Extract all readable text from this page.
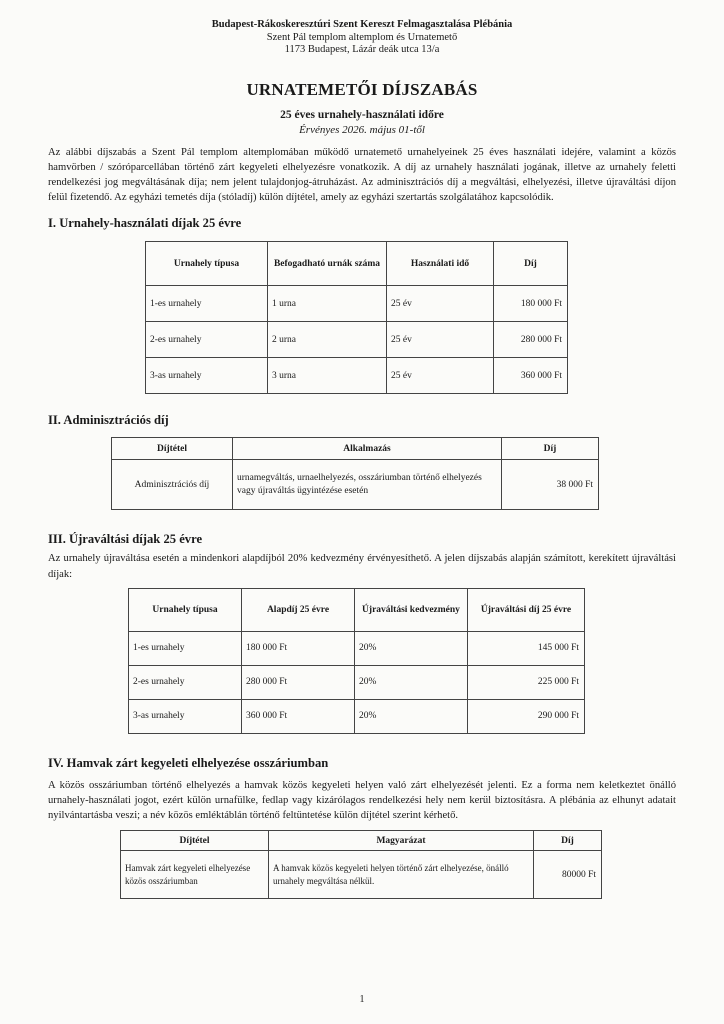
Budapest-Rákoskeresztúri Szent Kereszt Felmagasztalása Plébánia
Szent Pál templom altemplom és Urnatemető
1173 Budapest, Lázár deák utca 13/a
URNATEMETŐI DÍJSZABÁS
25 éves urnahely-használati időre
Érvényes 2026. május 01-től

Az alábbi díjszabás a Szent Pál templom altemplomában működő urnatemető urnahelyeinek 25 éves használati idejére, valamint a közös hamvörben / szóróparcellában történő zárt kegyeleti elhelyezésre vonatkozik. A díj az urnahely használati jogának, illetve az urnahely feletti rendelkezési jog megváltásának díja; nem jelent tulajdonjog-átruházást. Az adminisztrációs díj a megváltási, elhelyezési, illetve újraváltási díjon felül fizetendő. Az egyházi temetés díja (stóladíj) külön díjtétel, amely az egyházi szertartás szolgálatához kapcsolódik.

I. Urnahely-használati díjak 25 évre
Urnahely típusa	Befogadható urnák száma	Használati idő	Díj
1-es urnahely	1 urna	25 év	180 000 Ft
2-es urnahely	2 urna	25 év	280 000 Ft
3-as urnahely	3 urna	25 év	360 000 Ft
II. Adminisztrációs díj
Díjtétel	Alkalmazás	Díj
Adminisztrációs díj	urnamegváltás, urnaelhelyezés, osszáriumban történő elhelyezés vagy újraváltás ügyintézése esetén	38 000 Ft
III. Újraváltási díjak 25 évre

Az urnahely újraváltása esetén a mindenkori alapdíjból 20% kedvezmény érvényesíthető. A jelen díjszabás alapján számított, kerekített újraváltási díjak:

Urnahely típusa	Alapdíj 25 évre	Újraváltási kedvezmény	Újraváltási díj 25 évre
1-es urnahely	180 000 Ft	20%	145 000 Ft
2-es urnahely	280 000 Ft	20%	225 000 Ft
3-as urnahely	360 000 Ft	20%	290 000 Ft
IV. Hamvak zárt kegyeleti elhelyezése osszáriumban

A közös osszáriumban történő elhelyezés a hamvak közös kegyeleti helyen való zárt elhelyezését jelenti. Ez a forma nem keletkeztet önálló urnahely-használati jogot, ezért külön urnafülke, fedlap vagy kizárólagos rendelkezési hely nem kerül biztosításra. A plébánia az elhunyt adatait nyilvántartásba veszi; a név közös emléktáblán történő feltüntetése külön díjtétel szerint kérhető.

Díjtétel	Magyarázat	Díj
Hamvak zárt kegyeleti elhelyezése közös osszáriumban	A hamvak közös kegyeleti helyen történő zárt elhelyezése, önálló urnahely megváltása nélkül.	80000 Ft
1
